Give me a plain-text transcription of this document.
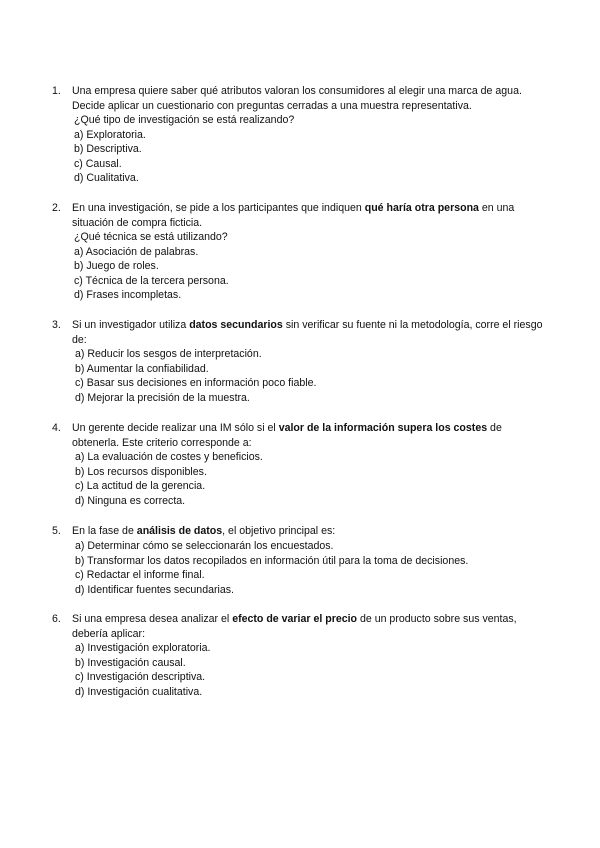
1. Una empresa quiere saber qué atributos valoran los consumidores al elegir una marca de agua. Decide aplicar un cuestionario con preguntas cerradas a una muestra representativa.
¿Qué tipo de investigación se está realizando?
a) Exploratoria.
b) Descriptiva.
c) Causal.
d) Cualitativa.
2. En una investigación, se pide a los participantes que indiquen qué haría otra persona en una situación de compra ficticia.
¿Qué técnica se está utilizando?
a) Asociación de palabras.
b) Juego de roles.
c) Técnica de la tercera persona.
d) Frases incompletas.
3. Si un investigador utiliza datos secundarios sin verificar su fuente ni la metodología, corre el riesgo de:
a) Reducir los sesgos de interpretación.
b) Aumentar la confiabilidad.
c) Basar sus decisiones en información poco fiable.
d) Mejorar la precisión de la muestra.
4. Un gerente decide realizar una IM sólo si el valor de la información supera los costes de obtenerla. Este criterio corresponde a:
a) La evaluación de costes y beneficios.
b) Los recursos disponibles.
c) La actitud de la gerencia.
d) Ninguna es correcta.
5. En la fase de análisis de datos, el objetivo principal es:
a) Determinar cómo se seleccionarán los encuestados.
b) Transformar los datos recopilados en información útil para la toma de decisiones.
c) Redactar el informe final.
d) Identificar fuentes secundarias.
6. Si una empresa desea analizar el efecto de variar el precio de un producto sobre sus ventas, debería aplicar:
a) Investigación exploratoria.
b) Investigación causal.
c) Investigación descriptiva.
d) Investigación cualitativa.
